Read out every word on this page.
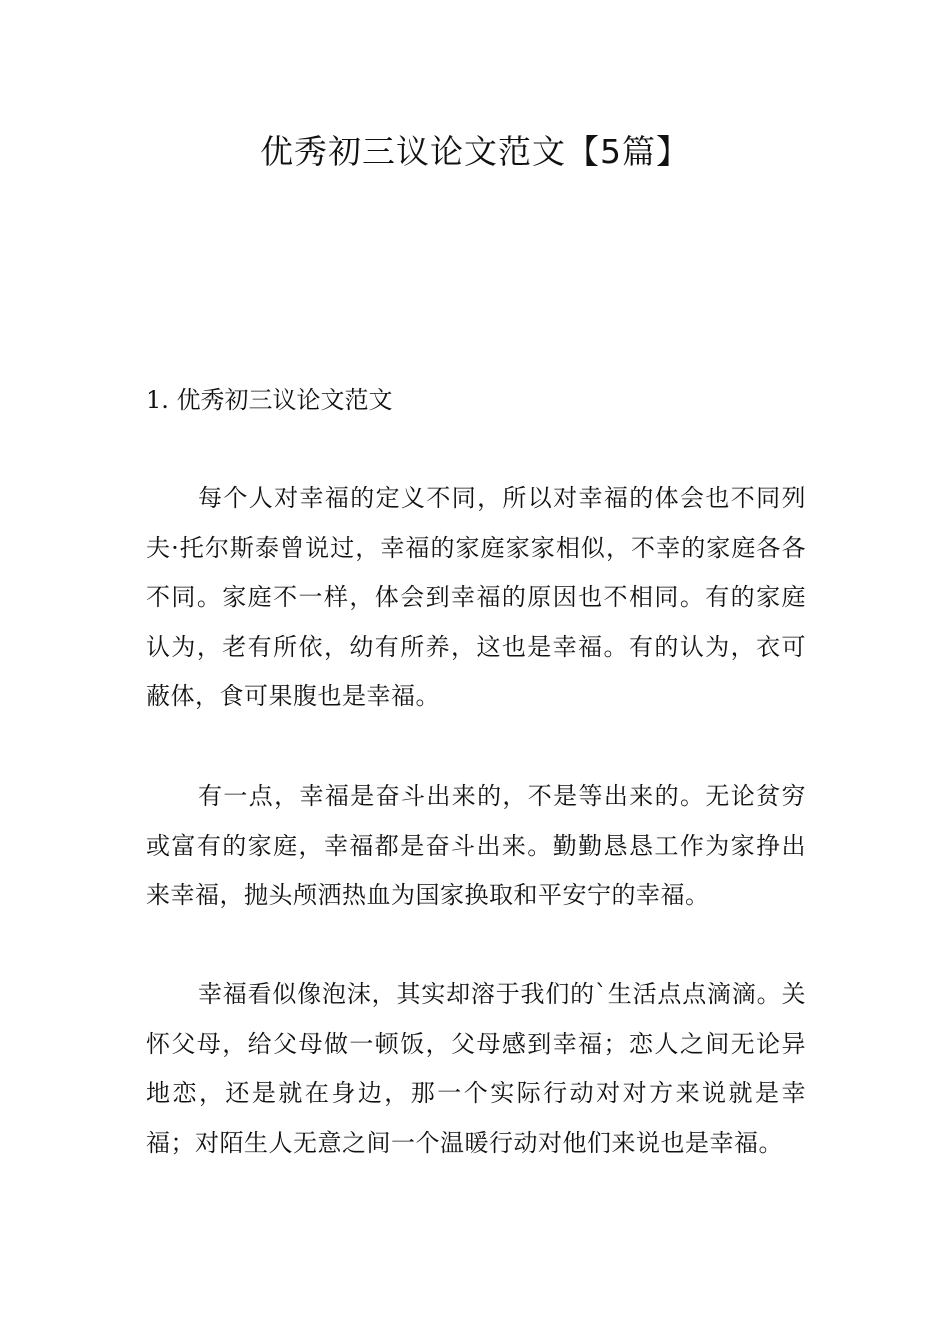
优秀初三议论文范文【5篇】
1. 优秀初三议论文范文

每个人对幸福的定义不同，所以对幸福的体会也不同列夫·托尔斯泰曾说过，幸福的家庭家家相似，不幸的家庭各各不同。家庭不一样，体会到幸福的原因也不相同。有的家庭认为，老有所依，幼有所养，这也是幸福。有的认为，衣可蔽体，食可果腹也是幸福。

有一点，幸福是奋斗出来的，不是等出来的。无论贫穷或富有的家庭，幸福都是奋斗出来。勤勤恳恳工作为家挣出来幸福，抛头颅洒热血为国家换取和平安宁的幸福。

幸福看似像泡沫，其实却溶于我们的`生活点点滴滴。关怀父母，给父母做一顿饭，父母感到幸福；恋人之间无论异地恋，还是就在身边，那一个实际行动对对方来说就是幸福；对陌生人无意之间一个温暖行动对他们来说也是幸福。
